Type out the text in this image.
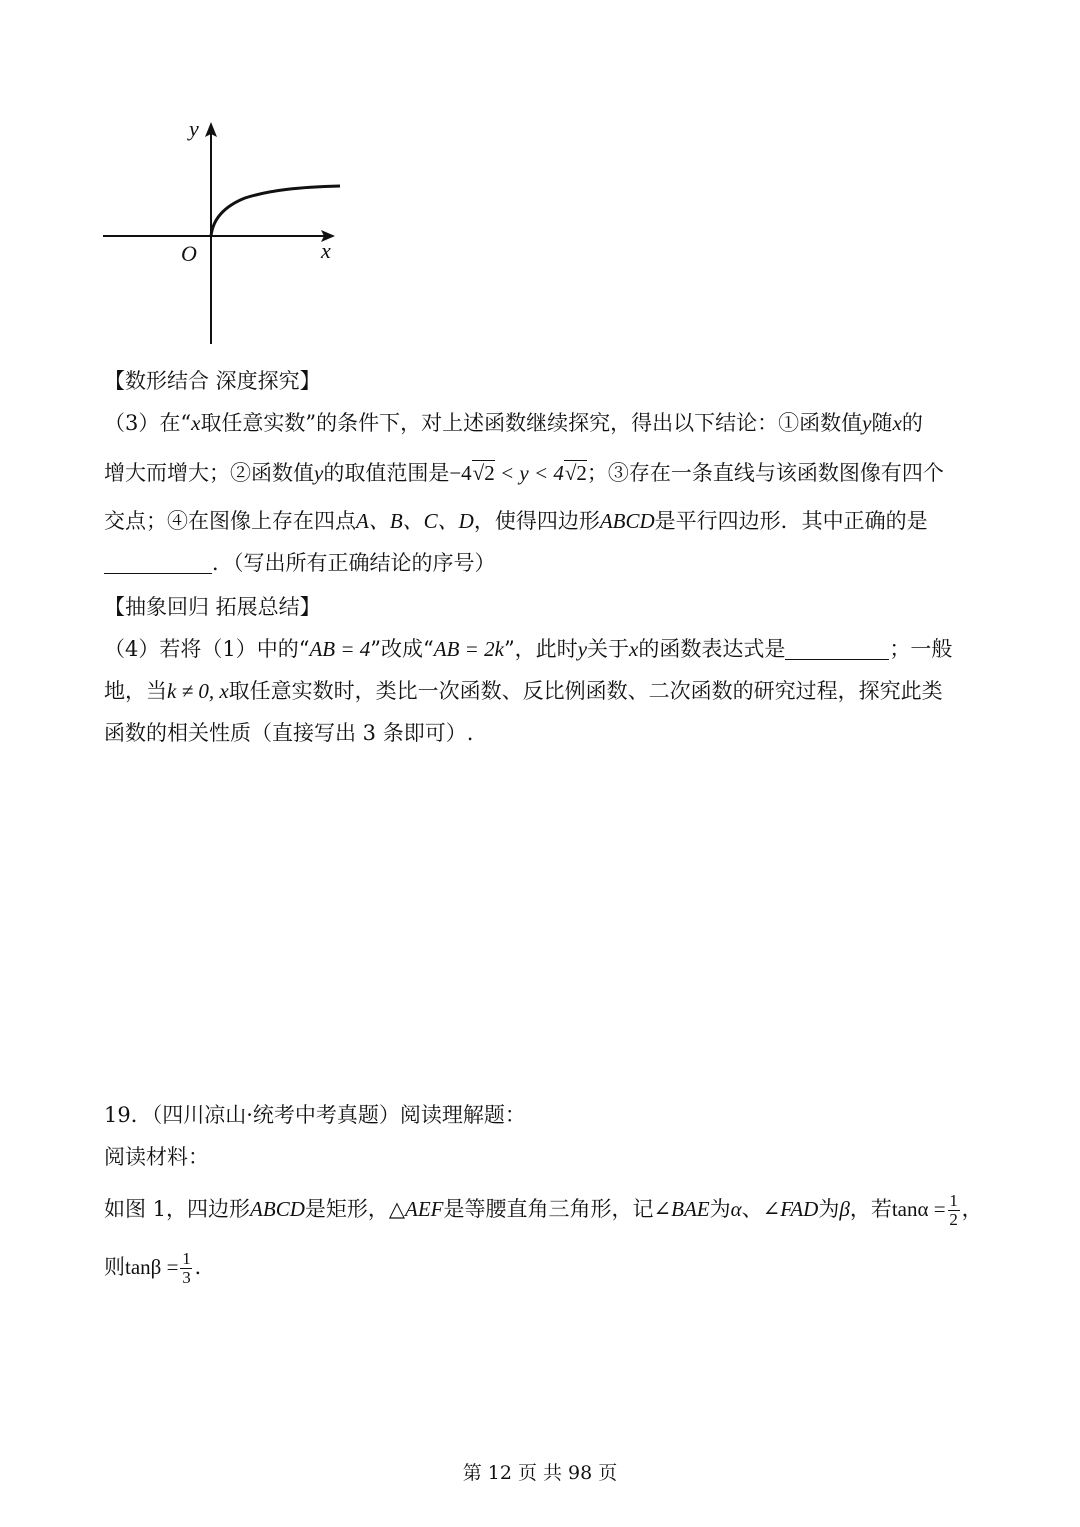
y
x
O
【数形结合 深度探究】
（3）在“x取任意实数”的条件下，对上述函数继续探究，得出以下结论：①函数值y随x的
增大而增大；②函数值y的取值范围是−4√2 < y < 4√2；③存在一条直线与该函数图像有四个
交点；④在图像上存在四点A、B、C、D，使得四边形ABCD是平行四边形．其中正确的是
．（写出所有正确结论的序号）
【抽象回归 拓展总结】
（4）若将（1）中的“AB = 4”改成“AB = 2k”，此时y关于x的函数表达式是	；一般
地，当k ≠ 0, x取任意实数时，类比一次函数、反比例函数、二次函数的研究过程，探究此类
函数的相关性质（直接写出 3 条即可）.
19．（四川凉山·统考中考真题）阅读理解题：
阅读材料：
如图 1，四边形ABCD是矩形，△AEF是等腰直角三角形，记∠BAE为α、∠FAD为β，若$\tan\alpha = \frac{1}{2}$ ，
则$\tan\beta = \frac{1}{3}$ .
第 12 页 共 98 页
